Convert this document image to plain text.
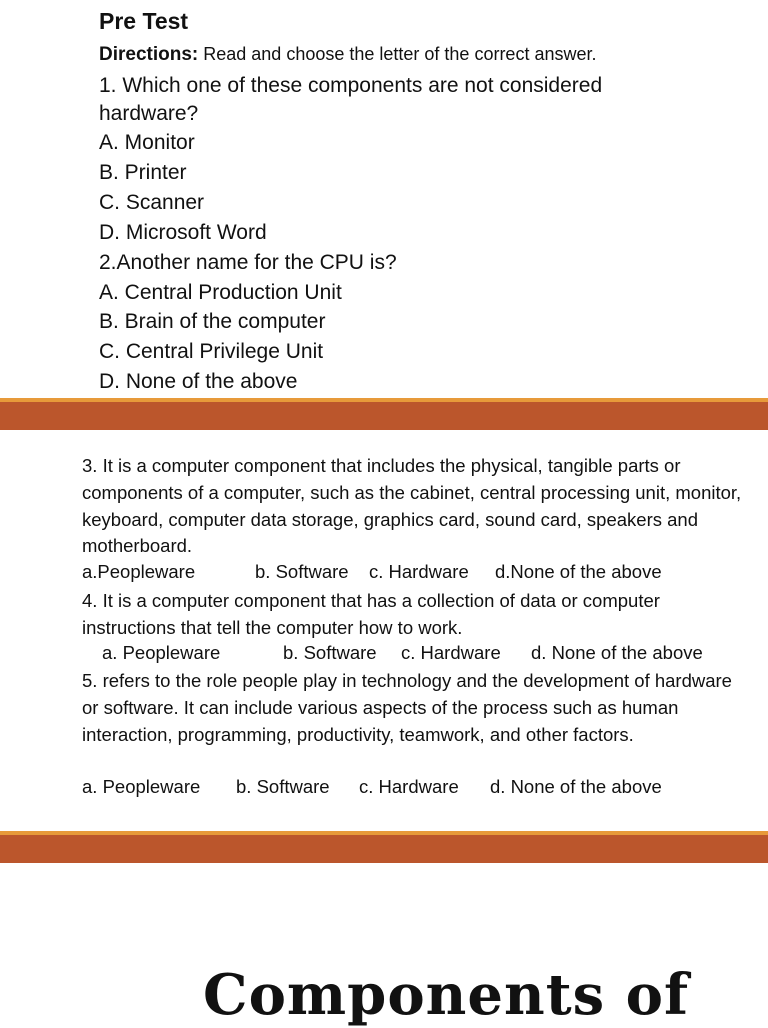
Pre Test
Directions: Read and choose the letter of the correct answer.
1. Which one of these components are not considered hardware?
A. Monitor
B. Printer
C. Scanner
D. Microsoft Word
2.Another name for the CPU is?
A. Central Production Unit
B. Brain of the computer
C. Central Privilege Unit
D. None of the above
3. It is a computer component that includes the physical, tangible parts or components of a computer, such as the cabinet, central processing unit, monitor, keyboard, computer data storage, graphics card, sound card, speakers and motherboard.
a.Peopleware	b. Software c. Hardware d.None of the above
4. It is a computer component that has a collection of data or computer instructions that tell the computer how to work.
a. Peopleware	b. Software c. Hardware d. None of the above
5. refers to the role people play in technology and the development of hardware or software. It can include various aspects of the process such as human interaction, programming, productivity, teamwork, and other factors.
a. Peopleware b. Software c. Hardware d. None of the above
Components of
